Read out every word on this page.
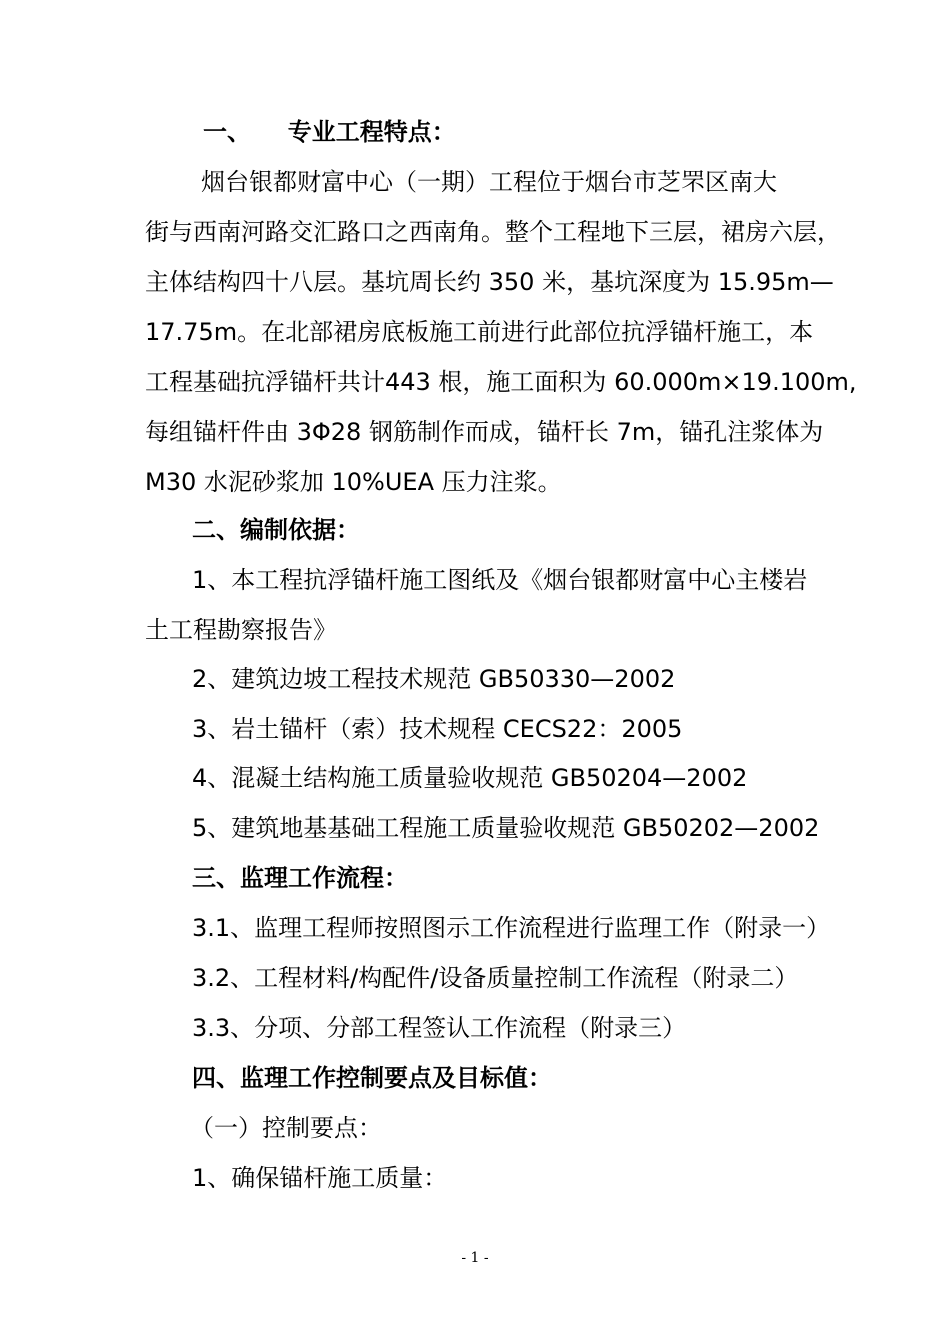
一、 专业工程特点：
烟台银都财富中心（一期）工程位于烟台市芝罘区南大
街与西南河路交汇路口之西南角。整个工程地下三层，裙房六层，
主体结构四十八层。基坑周长约 350 米，基坑深度为 15.95m—
17.75m。在北部裙房底板施工前进行此部位抗浮锚杆施工，本
工程基础抗浮锚杆共计443 根，施工面积为 60.000m×19.100m,
每组锚杆件由 3Φ28 钢筋制作而成，锚杆长 7m，锚孔注浆体为
M30 水泥砂浆加 10%UEA 压力注浆。
二、编制依据：
1、本工程抗浮锚杆施工图纸及《烟台银都财富中心主楼岩
土工程勘察报告》
2、建筑边坡工程技术规范 GB50330—2002
3、岩土锚杆（索）技术规程 CECS22：2005
4、混凝土结构施工质量验收规范 GB50204—2002
5、建筑地基基础工程施工质量验收规范 GB50202—2002
三、监理工作流程：
3.1、监理工程师按照图示工作流程进行监理工作（附录一）
3.2、工程材料/构配件/设备质量控制工作流程（附录二）
3.3、分项、分部工程签认工作流程（附录三）
四、监理工作控制要点及目标值：
（一）控制要点：
1、确保锚杆施工质量：
- 1 -
